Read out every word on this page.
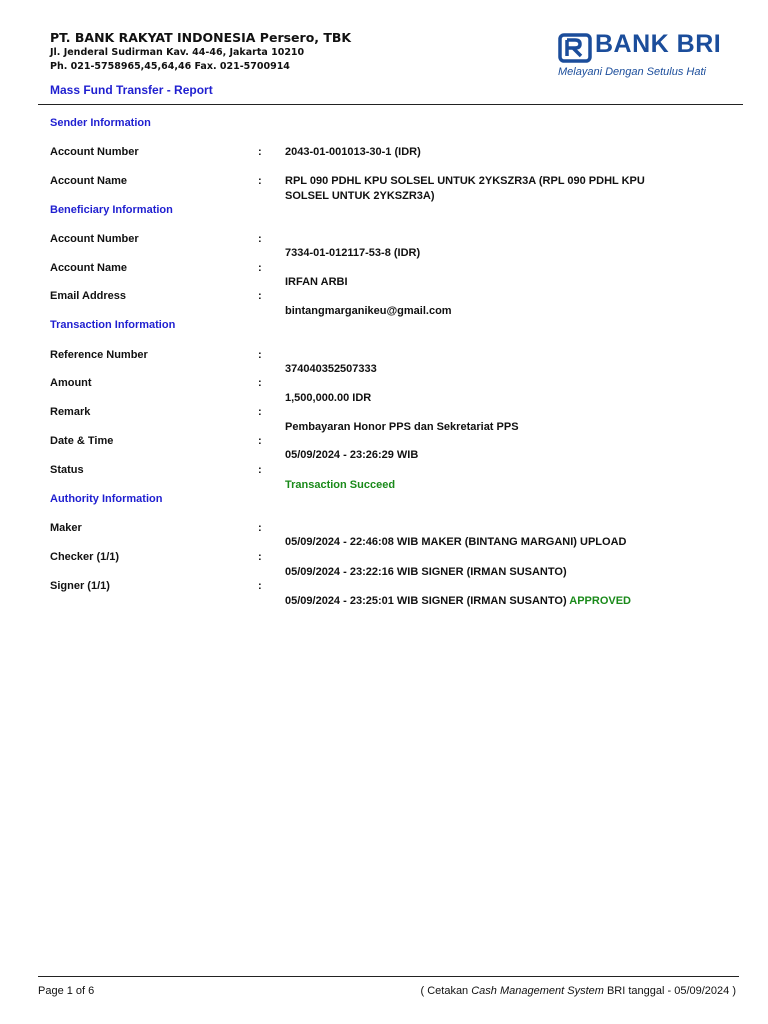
PT. BANK RAKYAT INDONESIA Persero, TBK
Jl. Jenderal Sudirman Kav. 44-46, Jakarta 10210
Ph. 021-5758965,45,64,46 Fax. 021-5700914
BANK BRI
Melayani Dengan Setulus Hati
Mass Fund Transfer - Report
Sender Information
Account Number	: 2043-01-001013-30-1 (IDR)
Account Name	: RPL 090 PDHL KPU SOLSEL UNTUK 2YKSZR3A (RPL 090 PDHL KPU SOLSEL UNTUK 2YKSZR3A)
Beneficiary Information
Account Number	:
7334-01-012117-53-8 (IDR)
Account Name	:
IRFAN ARBI
Email Address	:
bintangmarganikeu@gmail.com
Transaction Information
Reference Number	:
374040352507333
Amount	:
1,500,000.00 IDR
Remark	:
Pembayaran Honor PPS dan Sekretariat PPS
Date & Time	:
05/09/2024 - 23:26:29 WIB
Status	:
Transaction Succeed
Authority Information
Maker	:
05/09/2024 - 22:46:08 WIB MAKER (BINTANG MARGANI) UPLOAD
Checker (1/1)	:
05/09/2024 - 23:22:16 WIB SIGNER (IRMAN SUSANTO)
Signer (1/1)	:
05/09/2024 - 23:25:01 WIB SIGNER (IRMAN SUSANTO) APPROVED
Page 1 of 6	( Cetakan Cash Management System BRI tanggal - 05/09/2024 )
